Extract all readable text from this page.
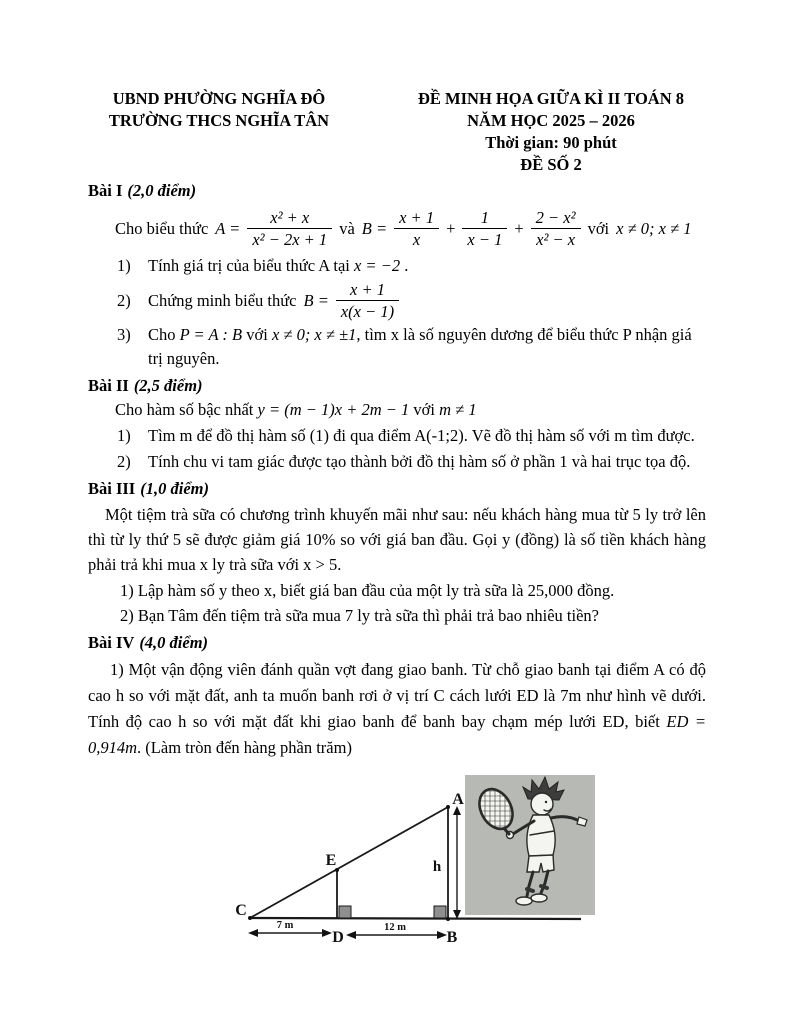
UBND PHƯỜNG NGHĨA ĐÔ
TRƯỜNG THCS NGHĨA TÂN
ĐỀ MINH HỌA GIỮA KÌ II TOÁN 8
NĂM HỌC 2025 – 2026
Thời gian: 90 phút
ĐỀ SỐ 2
Bài I (2,0 điểm)
Cho biểu thức $A = \frac{\text{x² + x}}{\text{x² − 2x + 1}}$ và $B = \frac{x + 1}{x} + \frac{1}{x - 1} + \frac{\text{2 − x²}}{\text{x² − x}}$ với x ≠ 0; x ≠ 1
1)	Tính giá trị của biểu thức A tại x = −2 .
2)	Chứng minh biểu thức $B = \frac{x + 1}{x(x - 1)}$
3)	Cho P = A : B với x ≠ 0; x ≠ ±1, tìm x là số nguyên dương để biểu thức P nhận giá trị nguyên.
Bài II (2,5 điểm)
Cho hàm số bậc nhất y = (m − 1)x + 2m − 1 với m ≠ 1
1)	Tìm m để đồ thị hàm số (1) đi qua điểm A(-1;2). Vẽ đồ thị hàm số với m tìm được.
2)	Tính chu vi tam giác được tạo thành bởi đồ thị hàm số ở phần 1 và hai trục tọa độ.
Bài III (1,0 điểm)

Một tiệm trà sữa có chương trình khuyến mãi như sau: nếu khách hàng mua từ 5 ly trở lên thì từ ly thứ 5 sẽ được giảm giá 10% so với giá ban đầu. Gọi y (đồng) là số tiền khách hàng phải trả khi mua x ly trà sữa với x > 5.

1) Lập hàm số y theo x, biết giá ban đầu của một ly trà sữa là 25,000 đồng.
2) Bạn Tâm đến tiệm trà sữa mua 7 ly trà sữa thì phải trả bao nhiêu tiền?
Bài IV (4,0 điểm)

1) Một vận động viên đánh quần vợt đang giao banh. Từ chỗ giao banh tại điểm A có độ cao h so với mặt đất, anh ta muốn banh rơi ở vị trí C cách lưới ED là 7m như hình vẽ dưới. Tính độ cao h so với mặt đất khi giao banh để banh bay chạm mép lưới ED, biết ED = 0,914m. (Làm tròn đến hàng phần trăm)

A
E
C
D	B
h
7 m	12 m
